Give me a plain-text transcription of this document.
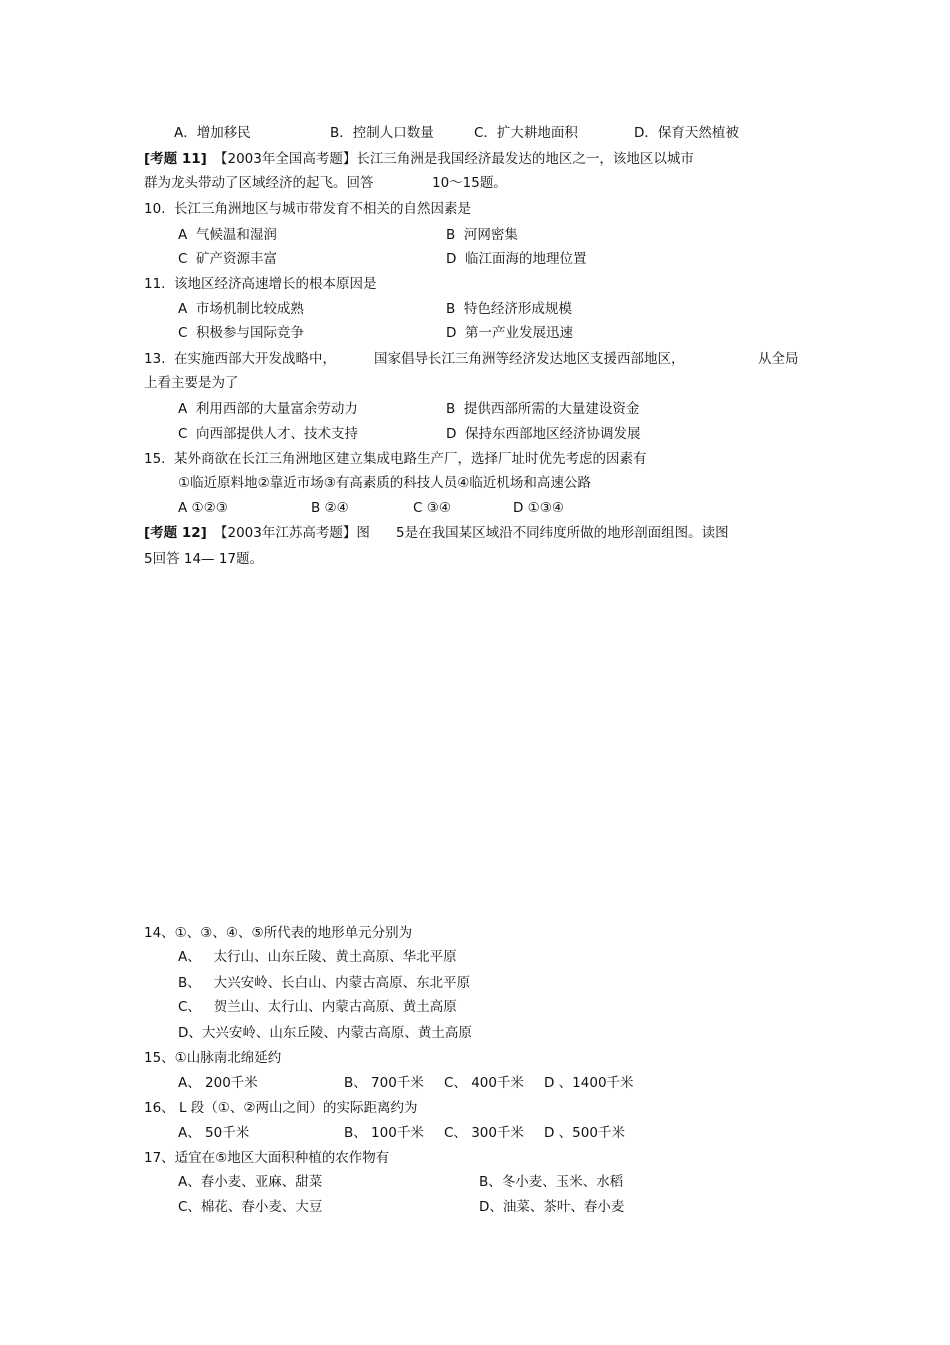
A．增加移民	B．控制人口数量	C．扩大耕地面积	D．保育天然植被
[考题 11] 【2003年全国高考题】长江三角洲是我国经济最发达的地区之一，该地区以城市
群为龙头带动了区域经济的起飞。回答	10～15题。
10.  长江三角洲地区与城市带发育不相关的自然因素是
A  气候温和湿润	B  河网密集
C  矿产资源丰富	D  临江面海的地理位置
11.  该地区经济高速增长的根本原因是
A  市场机制比较成熟	B  特色经济形成规模
C  积极参与国际竞争	D  第一产业发展迅速
13.  在实施西部大开发战略中，	国家倡导长江三角洲等经济发达地区支援西部地区，	从全局
上看主要是为了
A  利用西部的大量富余劳动力	B  提供西部所需的大量建设资金
C  向西部提供人才、技术支持	D  保持东西部地区经济协调发展
15.  某外商欲在长江三角洲地区建立集成电路生产厂，选择厂址时优先考虑的因素有
①临近原料地②靠近市场③有高素质的科技人员④临近机场和高速公路
A ①②③	B ②④	C ③④	D ①③④
[考题 12] 【2003年江苏高考题】图 5是在我国某区域沿不同纬度所做的地形剖面组图。读图
5回答 14— 17题。
14、①、③、④、⑤所代表的地形单元分别为
A、   太行山、山东丘陵、黄土高原、华北平原
B、   大兴安岭、长白山、内蒙古高原、东北平原
C、   贺兰山、太行山、内蒙古高原、黄土高原
D、大兴安岭、山东丘陵、内蒙古高原、黄土高原
15、①山脉南北绵延约
A、 200千米	B、 700千米 C、 400千米 D 、1400千米
16、 L 段（①、②两山之间）的实际距离约为
A、 50千米	B、 100千米 C、 300千米 D 、500千米
17、适宜在⑤地区大面积种植的农作物有
A、春小麦、亚麻、甜菜	B、冬小麦、玉米、水稻
C、棉花、春小麦、大豆	D、油菜、茶叶、春小麦
